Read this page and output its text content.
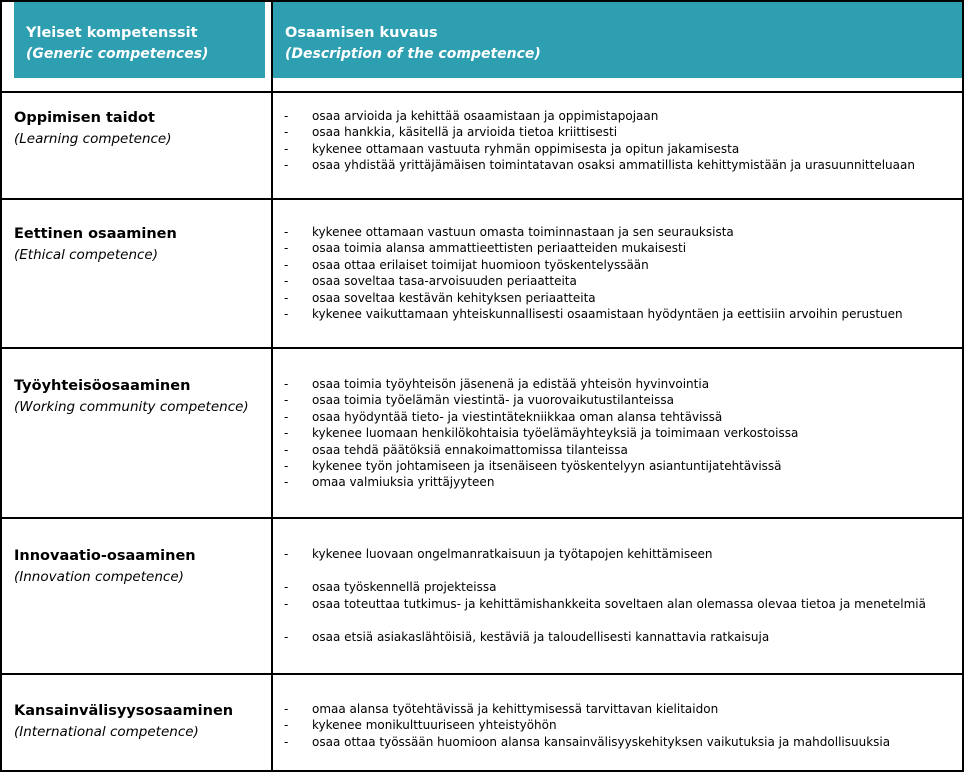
Yleiset kompetenssit
(Generic competences)
Osaamisen kuvaus
(Description of the competence)
Oppimisen taidot
(Learning competence)
-	osaa arvioida ja kehittää osaamistaan ja oppimistapojaan
-	osaa hankkia, käsitellä ja arvioida tietoa kriittisesti
-	kykenee ottamaan vastuuta ryhmän oppimisesta ja opitun jakamisesta
-	osaa yhdistää yrittäjämäisen toimintatavan osaksi ammatillista kehittymistään ja urasuunnitteluaan
Eettinen osaaminen
(Ethical competence)
-	kykenee ottamaan vastuun omasta toiminnastaan ja sen seurauksista
-	osaa toimia alansa ammattieettisten periaatteiden mukaisesti
-	osaa ottaa erilaiset toimijat huomioon työskentelyssään
-	osaa soveltaa tasa-arvoisuuden periaatteita
-	osaa soveltaa kestävän kehityksen periaatteita
-	kykenee vaikuttamaan yhteiskunnallisesti osaamistaan hyödyntäen ja eettisiin arvoihin perustuen
Työyhteisöosaaminen
(Working community competence)
-	osaa toimia työyhteisön jäsenenä ja edistää yhteisön hyvinvointia
-	osaa toimia työelämän viestintä- ja vuorovaikutustilanteissa
-	osaa hyödyntää tieto- ja viestintätekniikkaa oman alansa tehtävissä
-	kykenee luomaan henkilökohtaisia työelämäyhteyksiä ja toimimaan verkostoissa
-	osaa tehdä päätöksiä ennakoimattomissa tilanteissa
-	kykenee työn johtamiseen ja itsenäiseen työskentelyyn asiantuntijatehtävissä
-	omaa valmiuksia yrittäjyyteen
Innovaatio-osaaminen
(Innovation competence)
-	kykenee luovaan ongelmanratkaisuun ja työtapojen kehittämiseen
-	osaa työskennellä projekteissa
-	osaa toteuttaa tutkimus- ja kehittämishankkeita soveltaen alan olemassa olevaa tietoa ja menetelmiä
-	osaa etsiä asiakaslähtöisiä, kestäviä ja taloudellisesti kannattavia ratkaisuja
Kansainvälisyysosaaminen
(International competence)
-	omaa alansa työtehtävissä ja kehittymisessä tarvittavan kielitaidon
-	kykenee monikulttuuriseen yhteistyöhön
-	osaa ottaa työssään huomioon alansa kansainvälisyyskehityksen vaikutuksia ja mahdollisuuksia
